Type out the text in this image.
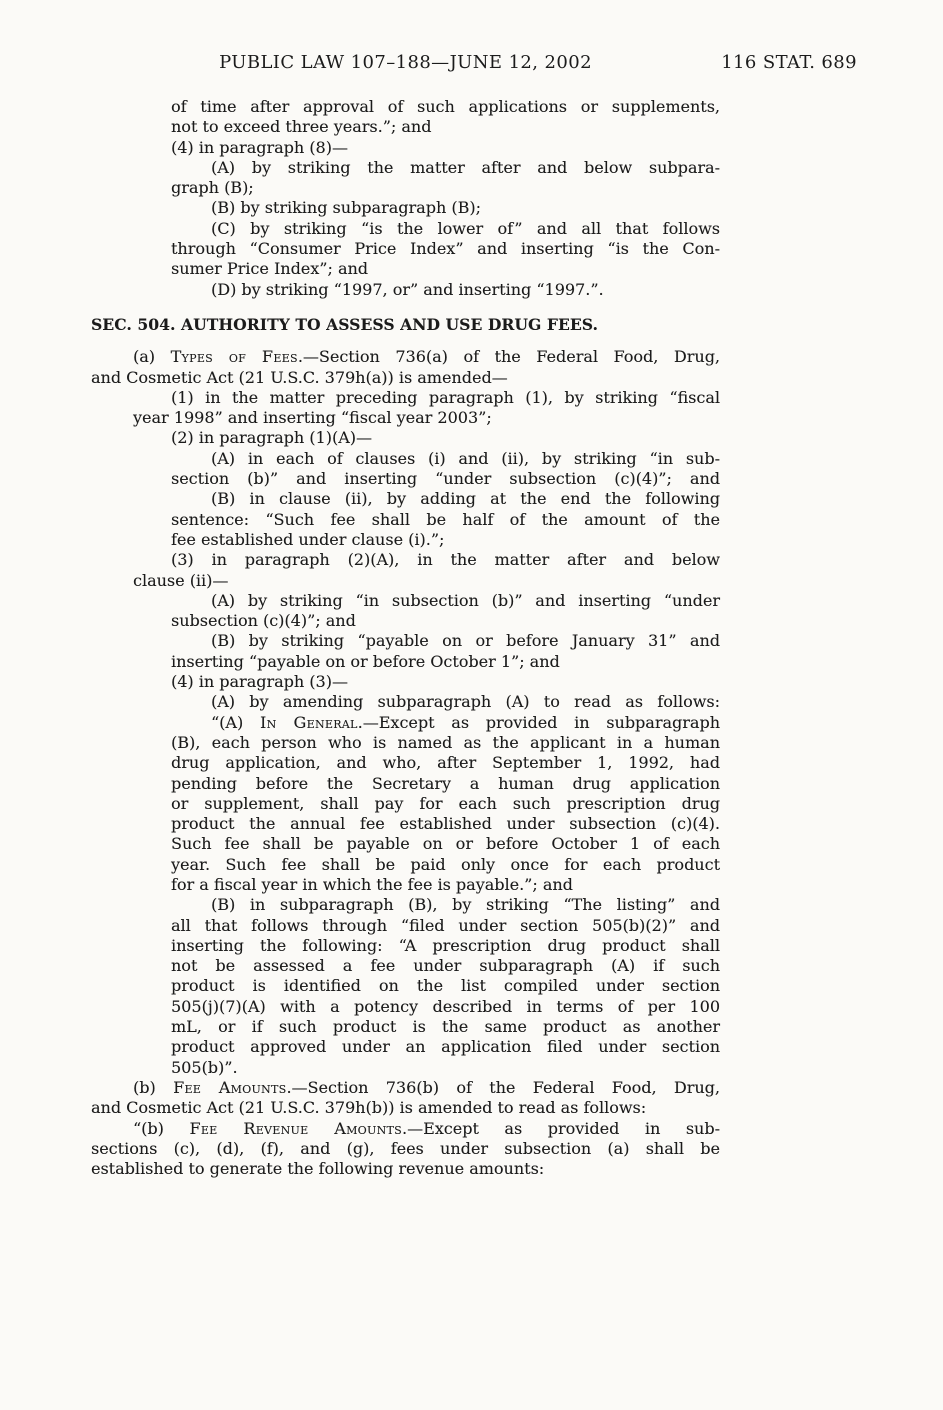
PUBLIC LAW 107–188—JUNE 12, 2002	116 STAT. 689
of time after approval of such applications or supplements,
not to exceed three years.”; and
(4) in paragraph (8)—
(A) by striking the matter after and below subpara-
graph (B);
(B) by striking subparagraph (B);
(C) by striking “is the lower of” and all that follows
through “Consumer Price Index” and inserting “is the Con-
sumer Price Index”; and
(D) by striking “1997, or” and inserting “1997.”.
SEC. 504. AUTHORITY TO ASSESS AND USE DRUG FEES.
(a) Types of Fees.—Section 736(a) of the Federal Food, Drug,
and Cosmetic Act (21 U.S.C. 379h(a)) is amended—
(1) in the matter preceding paragraph (1), by striking “fiscal
year 1998” and inserting “fiscal year 2003”;
(2) in paragraph (1)(A)—
(A) in each of clauses (i) and (ii), by striking “in sub-
section (b)” and inserting “under subsection (c)(4)”; and
(B) in clause (ii), by adding at the end the following
sentence: “Such fee shall be half of the amount of the
fee established under clause (i).”;
(3) in paragraph (2)(A), in the matter after and below
clause (ii)—
(A) by striking “in subsection (b)” and inserting “under
subsection (c)(4)”; and
(B) by striking “payable on or before January 31” and
inserting “payable on or before October 1”; and
(4) in paragraph (3)—
(A) by amending subparagraph (A) to read as follows:
“(A) In General.—Except as provided in subparagraph
(B), each person who is named as the applicant in a human
drug application, and who, after September 1, 1992, had
pending before the Secretary a human drug application
or supplement, shall pay for each such prescription drug
product the annual fee established under subsection (c)(4).
Such fee shall be payable on or before October 1 of each
year. Such fee shall be paid only once for each product
for a fiscal year in which the fee is payable.”; and
(B) in subparagraph (B), by striking “The listing” and
all that follows through “filed under section 505(b)(2)” and
inserting the following: “A prescription drug product shall
not be assessed a fee under subparagraph (A) if such
product is identified on the list compiled under section
505(j)(7)(A) with a potency described in terms of per 100
mL, or if such product is the same product as another
product approved under an application filed under section
505(b)”.
(b) Fee Amounts.—Section 736(b) of the Federal Food, Drug,
and Cosmetic Act (21 U.S.C. 379h(b)) is amended to read as follows:
“(b) Fee Revenue Amounts.—Except as provided in sub-
sections (c), (d), (f), and (g), fees under subsection (a) shall be
established to generate the following revenue amounts:
